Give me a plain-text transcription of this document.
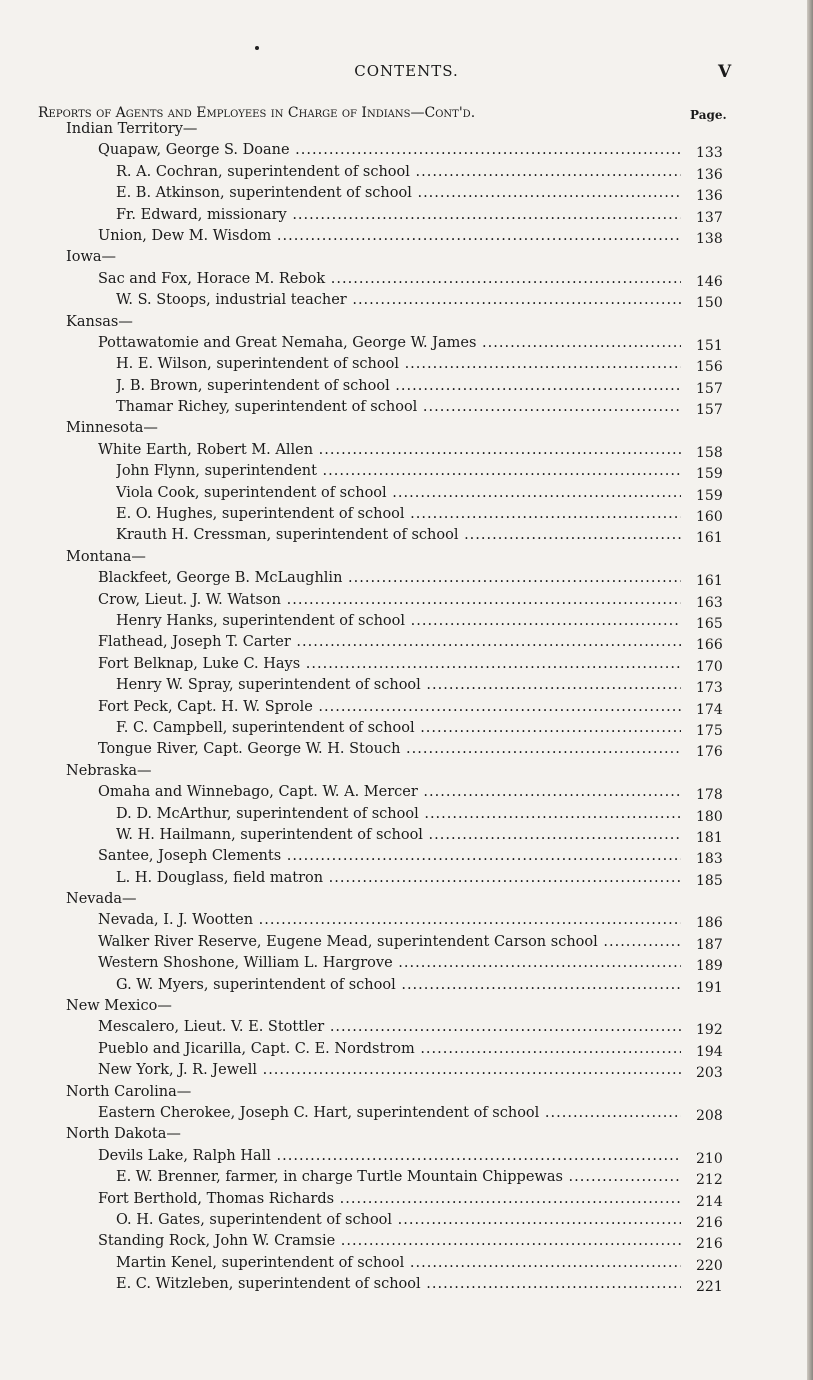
CONTENTS.	V
Reports of Agents and Employees in Charge of Indians—Cont'd.	Page.
Indian Territory—
Quapaw, George S. Doane .....	133
R. A. Cochran, superintendent of school .....	136
E. B. Atkinson, superintendent of school .....	136
Fr. Edward, missionary .....	137
Union, Dew M. Wisdom .....	138
Iowa—
Sac and Fox, Horace M. Rebok .....	146
W. S. Stoops, industrial teacher .....	150
Kansas—
Pottawatomie and Great Nemaha, George W. James .....	151
H. E. Wilson, superintendent of school .....	156
J. B. Brown, superintendent of school .....	157
Thamar Richey, superintendent of school .....	157
Minnesota—
White Earth, Robert M. Allen .....	158
John Flynn, superintendent .....	159
Viola Cook, superintendent of school .....	159
E. O. Hughes, superintendent of school .....	160
Krauth H. Cressman, superintendent of school .....	161
Montana—
Blackfeet, George B. McLaughlin .....	161
Crow, Lieut. J. W. Watson .....	163
Henry Hanks, superintendent of school .....	165
Flathead, Joseph T. Carter .....	166
Fort Belknap, Luke C. Hays .....	170
Henry W. Spray, superintendent of school .....	173
Fort Peck, Capt. H. W. Sprole .....	174
F. C. Campbell, superintendent of school .....	175
Tongue River, Capt. George W. H. Stouch .....	176
Nebraska—
Omaha and Winnebago, Capt. W. A. Mercer .....	178
D. D. McArthur, superintendent of school .....	180
W. H. Hailmann, superintendent of school .....	181
Santee, Joseph Clements .....	183
L. H. Douglass, field matron .....	185
Nevada—
Nevada, I. J. Wootten .....	186
Walker River Reserve, Eugene Mead, superintendent Carson school .....	187
Western Shoshone, William L. Hargrove .....	189
G. W. Myers, superintendent of school .....	191
New Mexico—
Mescalero, Lieut. V. E. Stottler .....	192
Pueblo and Jicarilla, Capt. C. E. Nordstrom .....	194
New York, J. R. Jewell .....	203
North Carolina—
Eastern Cherokee, Joseph C. Hart, superintendent of school .....	208
North Dakota—
Devils Lake, Ralph Hall .....	210
E. W. Brenner, farmer, in charge Turtle Mountain Chippewas .....	212
Fort Berthold, Thomas Richards .....	214
O. H. Gates, superintendent of school .....	216
Standing Rock, John W. Cramsie .....	216
Martin Kenel, superintendent of school .....	220
E. C. Witzleben, superintendent of school .....	221
